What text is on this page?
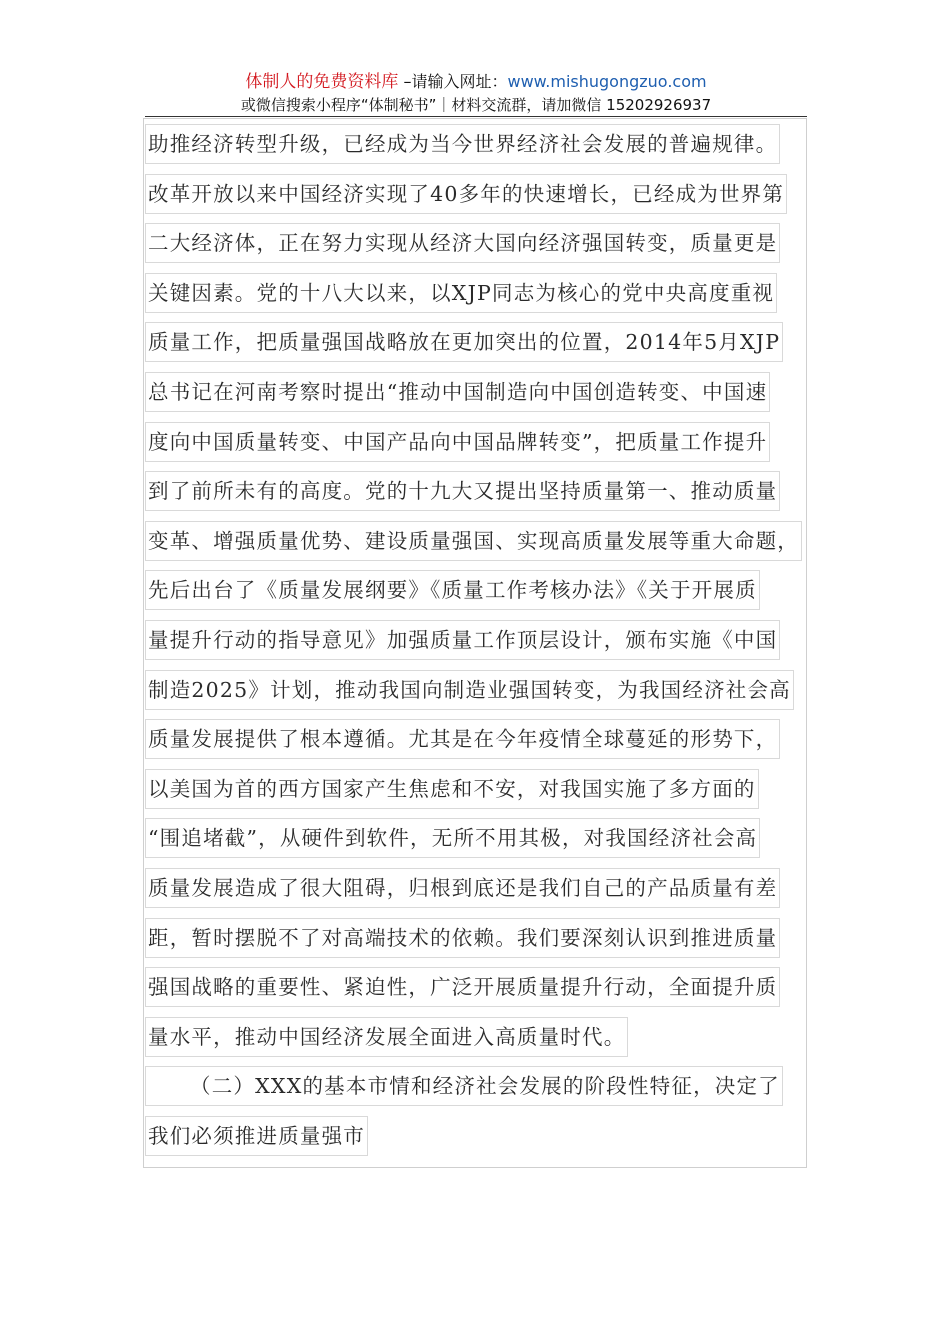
体制人的免费资料库 –请输入网址：www.mishugongzuo.com
或微信搜索小程序“体制秘书”｜材料交流群，请加微信 15202926937
助推经济转型升级，已经成为当今世界经济社会发展的普遍规律。
改革开放以来中国经济实现了40多年的快速增长，已经成为世界第
二大经济体，正在努力实现从经济大国向经济强国转变，质量更是
关键因素。党的十八大以来，以XJP同志为核心的党中央高度重视
质量工作，把质量强国战略放在更加突出的位置，2014年5月XJP
总书记在河南考察时提出“推动中国制造向中国创造转变、中国速
度向中国质量转变、中国产品向中国品牌转变”，把质量工作提升
到了前所未有的高度。党的十九大又提出坚持质量第一、推动质量
变革、增强质量优势、建设质量强国、实现高质量发展等重大命题，
先后出台了《质量发展纲要》《质量工作考核办法》《关于开展质
量提升行动的指导意见》加强质量工作顶层设计，颁布实施《中国
制造2025》计划，推动我国向制造业强国转变，为我国经济社会高
质量发展提供了根本遵循。尤其是在今年疫情全球蔓延的形势下，
以美国为首的西方国家产生焦虑和不安，对我国实施了多方面的
“围追堵截”，从硬件到软件，无所不用其极，对我国经济社会高
质量发展造成了很大阻碍，归根到底还是我们自己的产品质量有差
距，暂时摆脱不了对高端技术的依赖。我们要深刻认识到推进质量
强国战略的重要性、紧迫性，广泛开展质量提升行动，全面提升质
量水平，推动中国经济发展全面进入高质量时代。
（二）XXX的基本市情和经济社会发展的阶段性特征，决定了
我们必须推进质量强市
